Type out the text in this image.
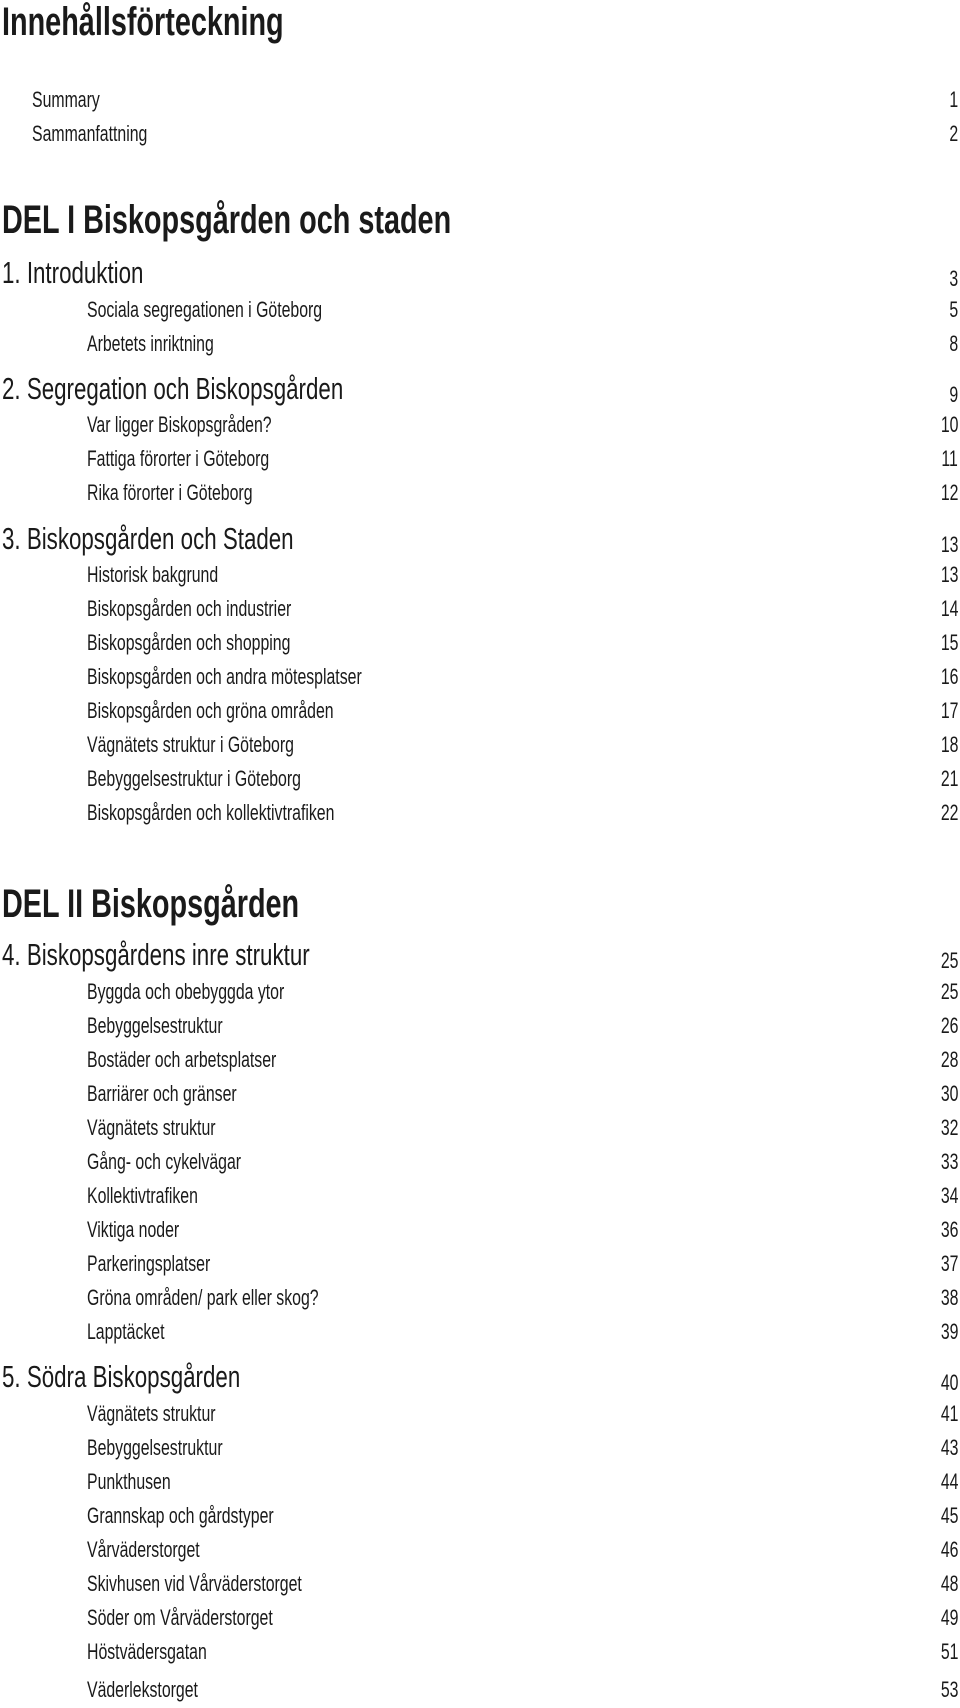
Innehållsförteckning
Summary	1
Sammanfattning	2
DEL I Biskopsgården och staden
1. Introduktion	3
Sociala segregationen i Göteborg	5
Arbetets inriktning	8
2. Segregation och Biskopsgården	9
Var ligger Biskopsgråden?	10
Fattiga förorter i Göteborg	11
Rika förorter i Göteborg	12
3. Biskopsgården och Staden	13
Historisk bakgrund	13
Biskopsgården och industrier	14
Biskopsgården och shopping	15
Biskopsgården och andra mötesplatser	16
Biskopsgården och gröna områden	17
Vägnätets struktur i Göteborg	18
Bebyggelsestruktur i Göteborg	21
Biskopsgården och kollektivtrafiken	22
DEL II Biskopsgården
4. Biskopsgårdens inre struktur	25
Byggda och obebyggda ytor	25
Bebyggelsestruktur	26
Bostäder och arbetsplatser	28
Barriärer och gränser	30
Vägnätets struktur	32
Gång- och cykelvägar	33
Kollektivtrafiken	34
Viktiga noder	36
Parkeringsplatser	37
Gröna områden/ park eller skog?	38
Lapptäcket	39
5. Södra Biskopsgården	40
Vägnätets struktur	41
Bebyggelsestruktur	43
Punkthusen	44
Grannskap och gårdstyper	45
Vårväderstorget	46
Skivhusen vid Vårväderstorget	48
Söder om Vårväderstorget	49
Höstvädersgatan	51
Väderlekstorget	53
